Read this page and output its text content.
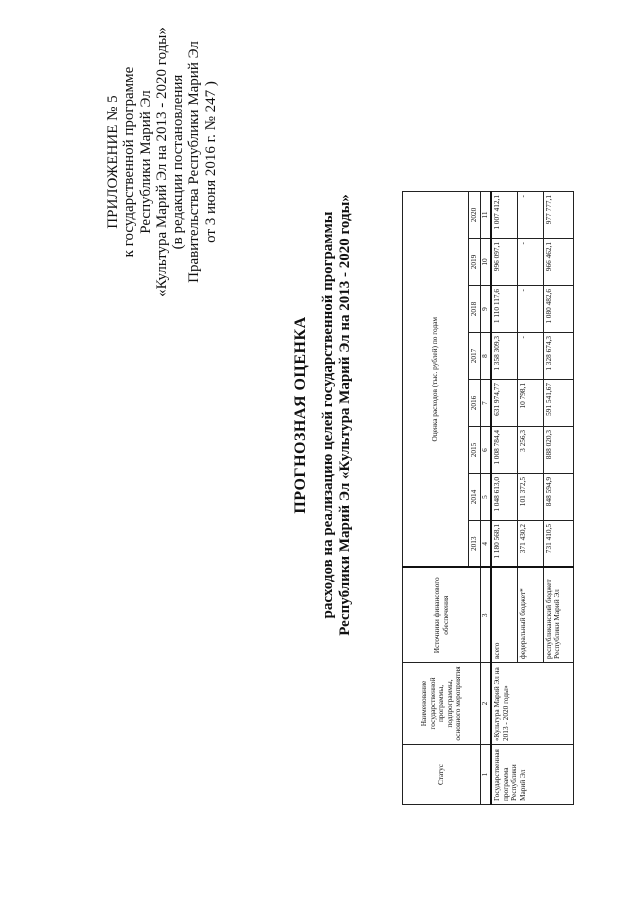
ПРИЛОЖЕНИЕ № 5 к государственной программе Республики Марий Эл «Культура Марий Эл на 2013 - 2020 годы» (в редакции постановления Правительства Республики Марий Эл от 3 июня 2016 г. № 247 )
ПРОГНОЗНАЯ ОЦЕНКА расходов на реализацию целей государственной программы Республики Марий Эл «Культура Марий Эл на 2013 - 2020 годы»
Статус	Наименование государственной программы, подпрограммы, основного мероприятия	Источники финансового обеспечения	Оценка расходов (тыс. рублей) по годам							
			2013	2014	2015	2016	2017	2018	2019	2020
1	2	3	4	5	6	7	8	9	10	11
Государственная программа Республики Марий Эл	«Культура Марий Эл на 2013 - 2020 годы»	всего	1 180 568,1	1 048 613,0	1 008 784,4	631 974,77	1 358 309,3	1 110 117,6	996 097,1	1 007 412,1
		федеральный бюджет*	371 430,2	101 372,5	3 256,3	10 798,1	-	-	-	-
		республиканский бюджет Республики Марий Эл	731 410,5	848 594,9	888 020,3	591 541,67	1 328 674,3	1 080 482,6	966 462,1	977 777,1
